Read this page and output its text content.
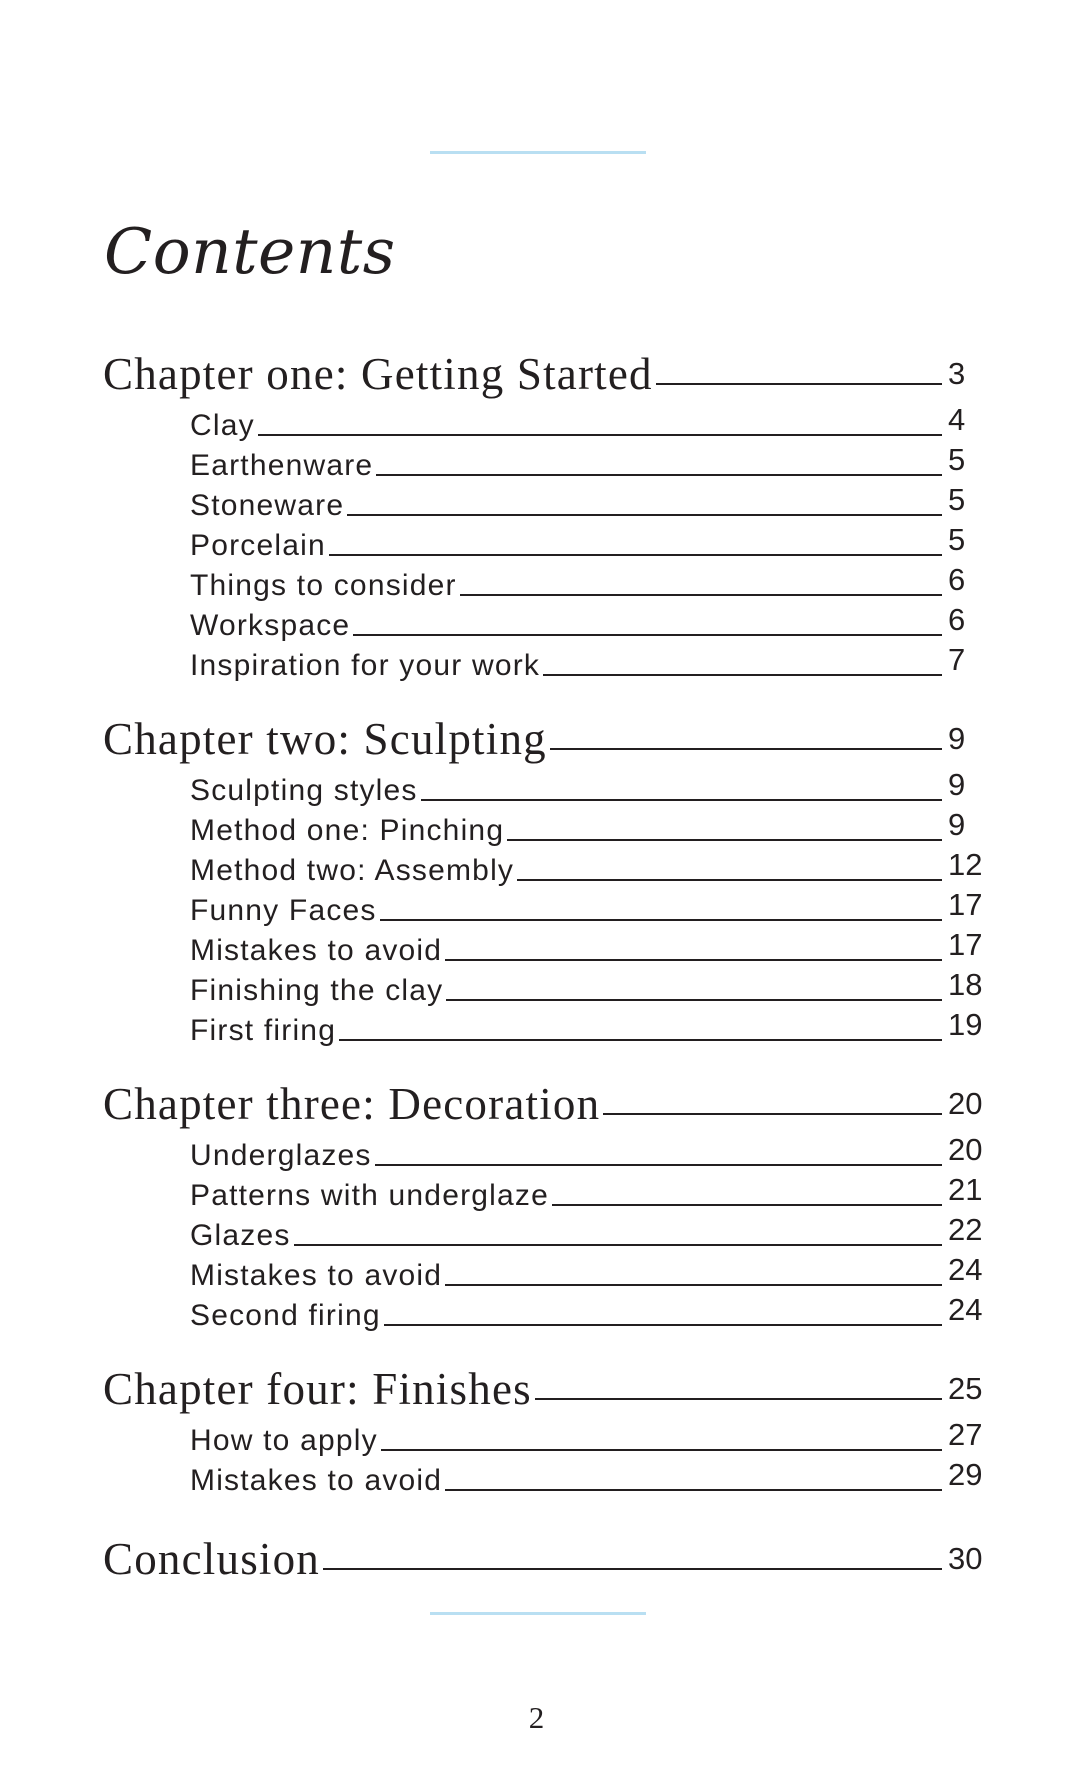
Contents
Chapter one: Getting Started	3
Clay	4
Earthenware	5
Stoneware	5
Porcelain	5
Things to consider	6
Workspace	6
Inspiration for your work	7
Chapter two: Sculpting	9
Sculpting styles	9
Method one: Pinching	9
Method two: Assembly	12
Funny Faces	17
Mistakes to avoid	17
Finishing the clay	18
First firing	19
Chapter three: Decoration	20
Underglazes	20
Patterns with underglaze	21
Glazes	22
Mistakes to avoid	24
Second firing	24
Chapter four: Finishes	25
How to apply	27
Mistakes to avoid	29
Conclusion	30
2
